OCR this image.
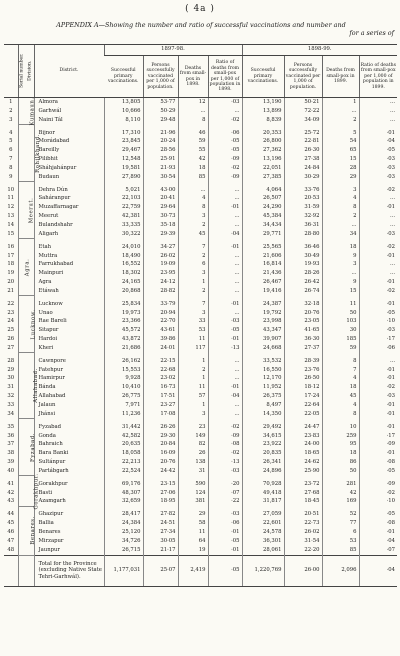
( 4a )
APPENDIX A—Showing the number and ratio of successful vaccinations and number and
for a series of
Serial number.	Division.	District.	1897-98.				1898-99.			
			Successful primary vaccinations.	Persons successfully vaccinated per 1,000 of population.	Deaths from small-pox in 1898.	Ratio of deaths from small-pox per 1,000 of population in 1898.	Successful primary vaccinations.	Persons successfully vaccinated per 1,000 of population.	Deaths from small-pox in 1899.	Ratio of deaths from small-pox per 1,000 of population in 1899.
1	Kumaun.	Almora	13,805	53·77	12	·03	13,190	50·21	1	...
2		Garhwál	10,666	50·29	...	...	13,899	72·22	...	...
3		Naini Tál	8,110	29·48	8	·02	8,839	34·09	2	...
4	Rohilkhand.	Bijnor	17,310	21·96	46	·06	20,353	25·72	5	·01
5		Morádabad	23,845	20·24	59	·05	26,800	22·81	54	·04
6		Bareilly	29,467	28·56	55	·05	27,362	26·30	65	·05
7		Pilibhit	12,548	25·91	42	·09	13,196	27·38	15	·03
8		Sháhjahánpur	19,581	21·93	18	·02	22,051	24·84	28	·03
9		Budaun	27,890	30·54	85	·09	27,385	30·29	29	·03
10	Meerut.	Dehra Dún	5,021	43·00	...	...	4,064	33·76	3	·02
11		Saháranpur	22,103	20·41	4	...	26,507	20·53	4	...
12		Muzaffarnagar	22,759	29·64	8	·01	24,290	31·59	8	·01
13		Meerut	42,381	30·73	3	...	45,384	32·92	2	...
14		Bulandshahr	33,335	35·18	2	...	34,434	36·31	...	...
15		Aligarh	30,322	29·39	45	·04	29,771	28·80	34	·03
16	Agra.	Etah	24,010	34·27	7	·01	25,565	36·46	18	·02
17		Muttra	18,490	26·02	2	...	21,606	30·49	9	·01
18		Farrukhabad	16,552	19·09	6	...	16,814	19·93	3	...
19		Mainpuri	18,302	23·95	3	...	21,436	28·26	...	...
20		Agra	24,165	24·12	1	...	26,467	26·42	9	·01
21		Etáwah	20,868	28·82	2	...	19,416	26·74	15	·02
22	Lucknow.	Lucknow	25,834	33·79	7	·01	24,387	32·18	11	·01
23		Unao	19,973	20·94	3	...	19,792	20·76	50	·05
24		Rae Bareli	23,366	22·70	33	·03	23,998	23·05	103	·10
25		Sitapur	45,572	43·61	53	·05	43,347	41·65	30	·03
26		Hardoi	43,872	39·86	11	·01	39,907	36·30	185	·17
27		Kheri	21,686	24·01	117	·13	24,668	27·37	59	·06
28	Allahabad.	Cawnpore	26,162	22·15	1	...	33,532	28·39	8	...
29		Fatehpur	15,553	22·68	2	...	16,550	23·76	7	·01
30		Hamirpur	9,928	23·02	1	...	12,170	26·50	4	·01
31		Bánda	10,410	16·73	11	·01	11,952	18·12	18	·02
32		Allahabad	26,775	17·51	57	·04	26,375	17·24	45	·03
33		Jalaun	7,971	23·27	1	...	8,497	22·64	4	·01
34		Jhánsi	11,236	17·08	3	...	14,350	22·05	8	·01
35	Fyzabad.	Fyzabad	31,442	26·26	23	·02	29,492	24·47	10	·01
36		Gonda	42,582	29·30	149	·09	34,615	23·83	259	·17
37		Bahraich	20,635	20·84	82	·08	23,922	24·00	95	·09
38		Bara Banki	18,058	16·09	26	·02	20,835	18·65	18	·01
39		Sultánpur	22,213	20·76	138	·13	26,341	24·62	86	·08
40		Partábgarh	22,524	24·42	31	·03	24,896	25·90	50	·05
41	Gorakhpur.	Gorakhpur	69,176	23·15	590	·20	70,928	23·72	281	·09
42		Basti	48,307	27·06	124	·07	49,418	27·68	42	·02
43		Azamgarh	32,659	18·95	381	·22	31,817	18·45	169	·10
44	Benares.	Ghazipur	28,417	27·82	29	·03	27,059	20·51	52	·05
45		Ballia	24,384	24·51	58	·06	22,601	22·73	77	·08
46		Benares	25,120	27·34	11	·01	24,578	26·02	6	·01
47		Mirzapur	34,726	30·05	64	·05	36,301	31·54	53	·04
48		Jaunpur	26,715	21·17	19	·01	28,061	22·20	85	·07
		Total for the Province (excluding Native State Tehri-Garhwál).	1,177,031	25·07	2,419	·05	1,220,769	26·00	2,096	·04
